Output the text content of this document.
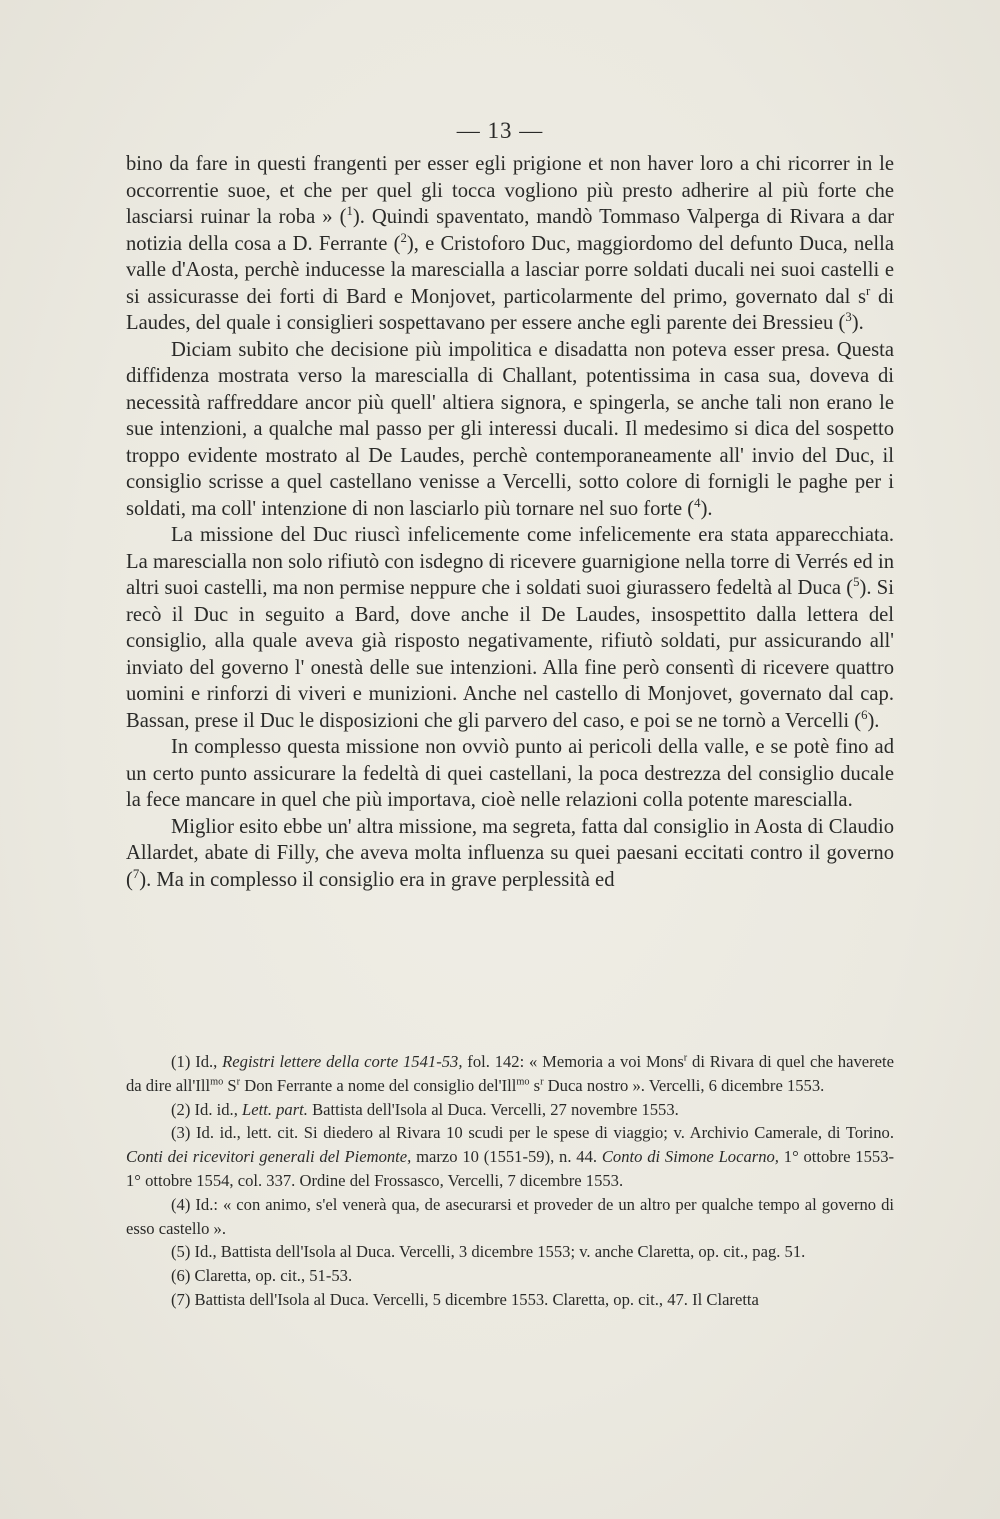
— 13 —

bino da fare in questi frangenti per esser egli prigione et non haver loro a chi ricorrer in le occorrentie suoe, et che per quel gli tocca vogliono più presto adherire al più forte che lasciarsi ruinar la roba » ($^1$). Quindi spaventato, mandò Tommaso Valperga di Rivara a dar notizia della cosa a D. Ferrante ($^2$), e Cristoforo Duc, maggiordomo del defunto Duca, nella valle d'Aosta, perchè inducesse la marescialla a lasciar porre soldati ducali nei suoi castelli e si assicurasse dei forti di Bard e Monjovet, particolarmente del primo, governato dal s$^r$ di Laudes, del quale i consiglieri sospettavano per essere anche egli parente dei Bressieu ($^3$).

Diciam subito che decisione più impolitica e disadatta non poteva esser presa. Questa diffidenza mostrata verso la marescialla di Challant, potentissima in casa sua, doveva di necessità raffreddare ancor più quell' altiera signora, e spingerla, se anche tali non erano le sue intenzioni, a qualche mal passo per gli interessi ducali. Il medesimo si dica del sospetto troppo evidente mostrato al De Laudes, perchè contemporaneamente all' invio del Duc, il consiglio scrisse a quel castellano venisse a Vercelli, sotto colore di fornigli le paghe per i soldati, ma coll' intenzione di non lasciarlo più tornare nel suo forte ($^4$).

La missione del Duc riuscì infelicemente come infelicemente era stata apparecchiata. La marescialla non solo rifiutò con isdegno di ricevere guarnigione nella torre di Verrés ed in altri suoi castelli, ma non permise neppure che i soldati suoi giurassero fedeltà al Duca ($^5$). Si recò il Duc in seguito a Bard, dove anche il De Laudes, insospettito dalla lettera del consiglio, alla quale aveva già risposto negativamente, rifiutò soldati, pur assicurando all' inviato del governo l' onestà delle sue intenzioni. Alla fine però consentì di ricevere quattro uomini e rinforzi di viveri e munizioni. Anche nel castello di Monjovet, governato dal cap. Bassan, prese il Duc le disposizioni che gli parvero del caso, e poi se ne tornò a Vercelli ($^6$).

In complesso questa missione non ovviò punto ai pericoli della valle, e se potè fino ad un certo punto assicurare la fedeltà di quei castellani, la poca destrezza del consiglio ducale la fece mancare in quel che più importava, cioè nelle relazioni colla potente marescialla.

Miglior esito ebbe un' altra missione, ma segreta, fatta dal consiglio in Aosta di Claudio Allardet, abate di Filly, che aveva molta influenza su quei paesani eccitati contro il governo ($^7$). Ma in complesso il consiglio era in grave perplessità ed

(1) Id., Registri lettere della corte 1541-53, fol. 142: « Memoria a voi Mons$^r$ di Rivara di quel che haverete da dire all'Ill$^{mo}$ S$^r$ Don Ferrante a nome del consiglio del'Ill$^{mo}$ s$^r$ Duca nostro ». Vercelli, 6 dicembre 1553.

(2) Id. id., Lett. part. Battista dell'Isola al Duca. Vercelli, 27 novembre 1553.

(3) Id. id., lett. cit. Si diedero al Rivara 10 scudi per le spese di viaggio; v. Archivio Camerale, di Torino. Conti dei ricevitori generali del Piemonte, marzo 10 (1551-59), n. 44. Conto di Simone Locarno, 1° ottobre 1553-1° ottobre 1554, col. 337. Ordine del Frossasco, Vercelli, 7 dicembre 1553.

(4) Id.: « con animo, s'el venerà qua, de asecurarsi et proveder de un altro per qualche tempo al governo di esso castello ».

(5) Id., Battista dell'Isola al Duca. Vercelli, 3 dicembre 1553; v. anche Claretta, op. cit., pag. 51.

(6) Claretta, op. cit., 51-53.

(7) Battista dell'Isola al Duca. Vercelli, 5 dicembre 1553. Claretta, op. cit., 47. Il Claretta
